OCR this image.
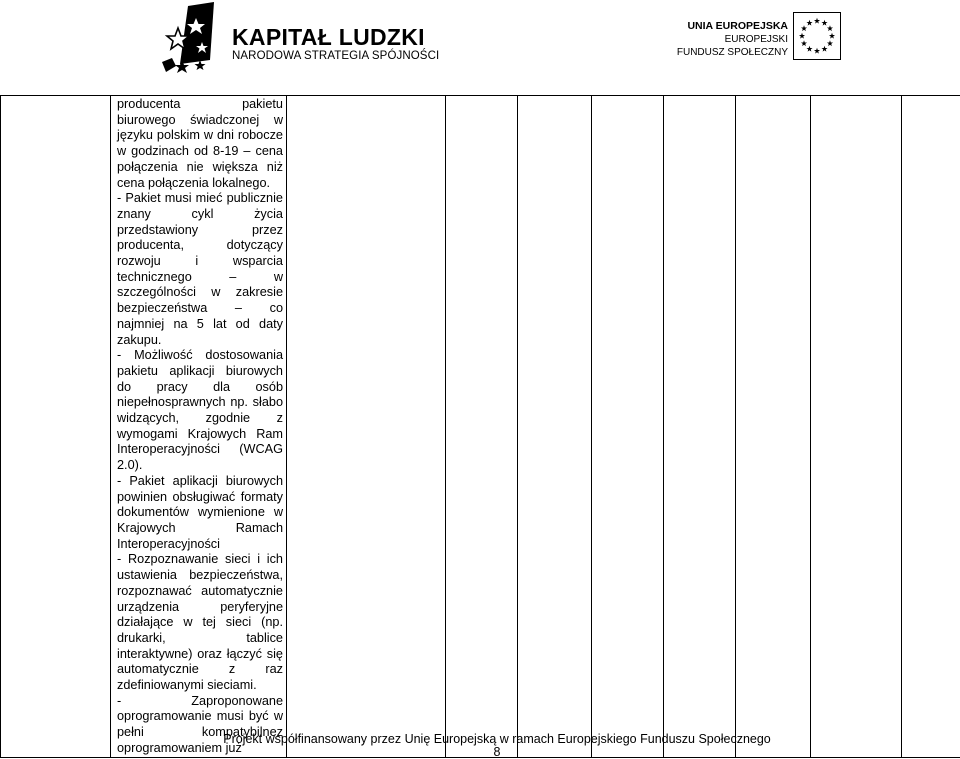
KAPITAŁ LUDZKI
NARODOWA STRATEGIA SPÓJNOŚCI
UNIA EUROPEJSKA
EUROPEJSKI
FUNDUSZ SPOŁECZNY

producenta pakietu biurowego świadczonej w języku polskim w dni robocze w godzinach od 8-19 – cena połączenia nie większa niż cena połączenia lokalnego.

- Pakiet musi mieć publicznie znany cykl życia przedstawiony przez producenta, dotyczący rozwoju i wsparcia technicznego – w szczególności w zakresie bezpieczeństwa – co najmniej na 5 lat od daty zakupu.

- Możliwość dostosowania pakietu aplikacji biurowych do pracy dla osób niepełnosprawnych np. słabo widzących, zgodnie z wymogami Krajowych Ram Interoperacyjności (WCAG 2.0).

- Pakiet aplikacji biurowych powinien obsługiwać formaty dokumentów wymienione w Krajowych Ramach Interoperacyjności

- Rozpoznawanie sieci i ich ustawienia bezpieczeństwa, rozpoznawać automatycznie urządzenia peryferyjne działające w tej sieci (np. drukarki, tablice interaktywne) oraz łączyć się automatycznie z raz zdefiniowanymi sieciami.

- Zaproponowane oprogramowanie musi być w pełni kompatybilnez oprogramowaniem już

Projekt współfinansowany przez Unię Europejską w ramach Europejskiego Funduszu Społecznego
8
